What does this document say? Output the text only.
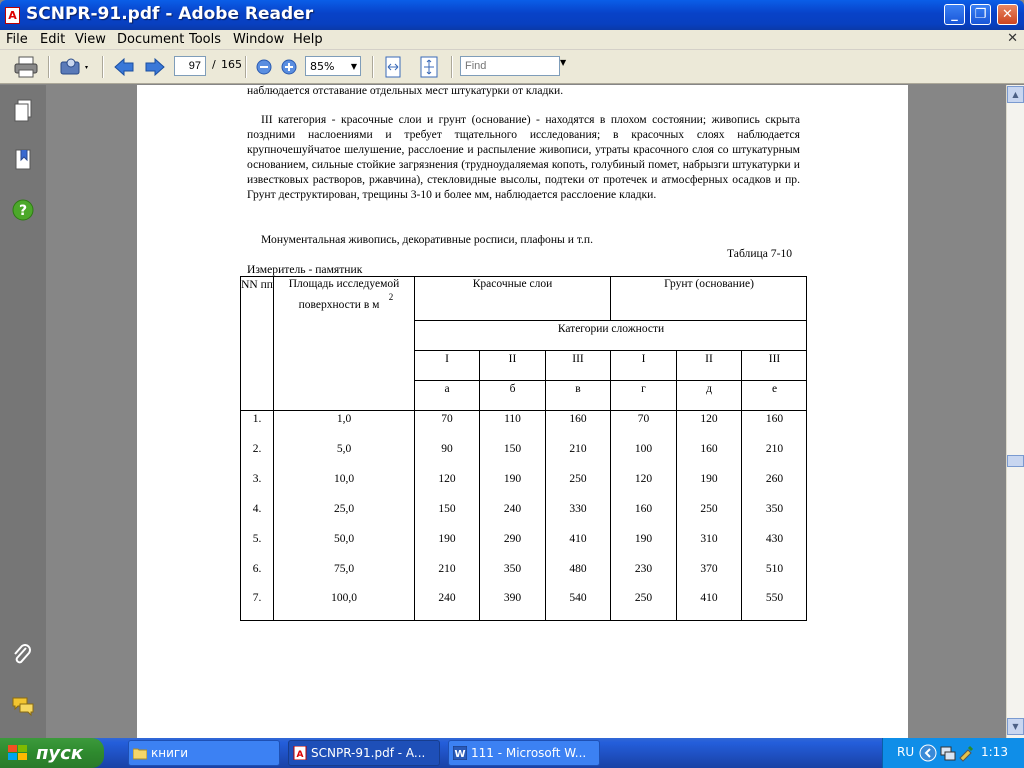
A SCNPR-91.pdf - Adobe Reader	_	❐	✕
File Edit View Document Tools Window Help	✕
97
/ 165	85%	▼
Find	▼
?
наблюдается отставание отдельных мест штукатурки от кладки.
III категория - красочные слои и грунт (основание) - находятся в плохом состоянии; живопись скрыта поздними наслоениями и требует тщательного исследования; в красочных слоях наблюдается крупночешуйчатое шелушение, расслоение и распыление живописи, утраты красочного слоя со штукатурным основанием, сильные стойкие загрязнения (трудноудаляемая копоть, голубиный помет, набрызги штукатурки и известковых растворов, ржавчина), стекловидные высолы, подтеки от протечек и атмосферных осадков и пр. Грунт деструктирован, трещины 3-10 и более мм, наблюдается расслоение кладки.
Монументальная живопись, декоративные росписи, плафоны и т.п.
Таблица 7-10
Измеритель - памятник
NN пп	Площадь исследуемой
поверхности в м
2
Красочные слои	Грунт (основание)
Категории сложности
I	II	III	I	II	III
а	б	в	г	д	е
1.	1,0	70	110	160	70	120	160
2.	5,0	90	150	210	100	160	210
3.	10,0	120	190	250	120	190	260
4.	25,0	150	240	330	160	250	350
5.	50,0	190	290	410	190	310	430
6.	75,0	210	350	480	230	370	510
7.	100,0	240	390	540	250	410	550
▲
▼
пуск	книги	A SCNPR-91.pdf - A...	W 111 - Microsoft W...	RU	1:13
